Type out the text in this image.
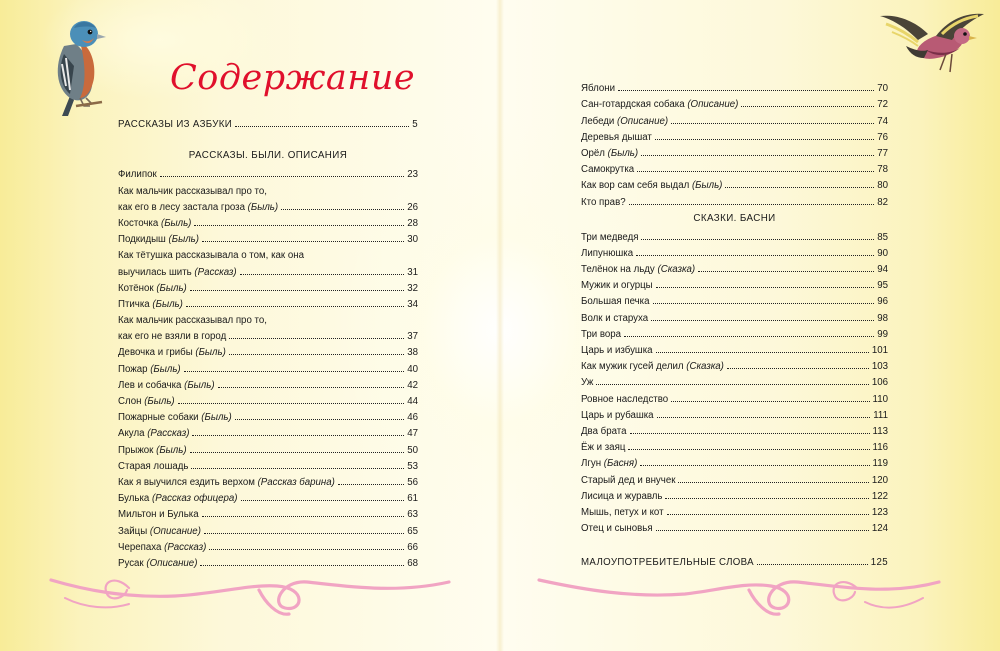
Содержание
РАССКАЗЫ ИЗ АЗБУКИ	5
РАССКАЗЫ. БЫЛИ. ОПИСАНИЯ
Филипок	23
Как мальчик рассказывал про то,
как его в лесу застала гроза (Быль)	26
Косточка (Быль)	28
Подкидыш (Быль)	30
Как тётушка рассказывала о том, как она
выучилась шить (Рассказ)	31
Котёнок (Быль)	32
Птичка (Быль)	34
Как мальчик рассказывал про то,
как его не взяли в город	37
Девочка и грибы (Быль)	38
Пожар (Быль)	40
Лев и собачка (Быль)	42
Слон (Быль)	44
Пожарные собаки (Быль)	46
Акула (Рассказ)	47
Прыжок (Быль)	50
Старая лошадь	53
Как я выучился ездить верхом (Рассказ барина)	56
Булька (Рассказ офицера)	61
Мильтон и Булька	63
Зайцы (Описание)	65
Черепаха (Рассказ)	66
Русак (Описание)	68
Яблони	70
Сан-готардская собака (Описание)	72
Лебеди (Описание)	74
Деревья дышат	76
Орёл (Быль)	77
Самокрутка	78
Как вор сам себя выдал (Быль)	80
Кто прав?	82
СКАЗКИ. БАСНИ
Три медведя	85
Липунюшка	90
Телёнок на льду (Сказка)	94
Мужик и огурцы	95
Большая печка	96
Волк и старуха	98
Три вора	99
Царь и избушка	101
Как мужик гусей делил (Сказка)	103
Уж	106
Ровное наследство	110
Царь и рубашка	111
Два брата	113
Ёж и заяц	116
Лгун (Басня)	119
Старый дед и внучек	120
Лисица и журавль	122
Мышь, петух и кот	123
Отец и сыновья	124
МАЛОУПОТРЕБИТЕЛЬНЫЕ СЛОВА	125
